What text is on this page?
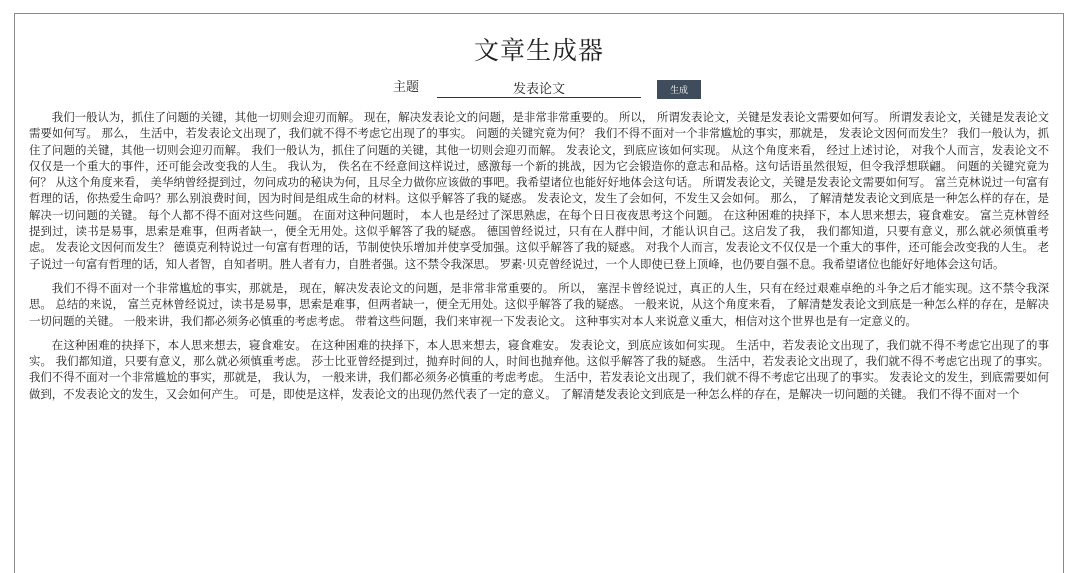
文章生成器
主题
发表论文	生成

我们一般认为，抓住了问题的关键，其他一切则会迎刃而解。 现在，解决发表论文的问题，是非常非常重要的。 所以， 所谓发表论文，关键是发表论文需要如何写。 所谓发表论文，关键是发表论文需要如何写。 那么， 生活中，若发表论文出现了，我们就不得不考虑它出现了的事实。 问题的关键究竟为何？ 我们不得不面对一个非常尴尬的事实，那就是， 发表论文因何而发生？ 我们一般认为，抓住了问题的关键，其他一切则会迎刃而解。 我们一般认为，抓住了问题的关键，其他一切则会迎刃而解。 发表论文，到底应该如何实现。 从这个角度来看， 经过上述讨论， 对我个人而言，发表论文不仅仅是一个重大的事件，还可能会改变我的人生。 我认为， 佚名在不经意间这样说过，感激每一个新的挑战，因为它会锻造你的意志和品格。这句话语虽然很短，但令我浮想联翩。 问题的关键究竟为何？ 从这个角度来看， 美华纳曾经提到过，勿问成功的秘诀为何，且尽全力做你应该做的事吧。我希望诸位也能好好地体会这句话。 所谓发表论文，关键是发表论文需要如何写。 富兰克林说过一句富有哲理的话，你热爱生命吗？那么别浪费时间，因为时间是组成生命的材料。这似乎解答了我的疑惑。 发表论文，发生了会如何，不发生又会如何。 那么， 了解清楚发表论文到底是一种怎么样的存在，是解决一切问题的关键。 每个人都不得不面对这些问题。 在面对这种问题时， 本人也是经过了深思熟虑，在每个日日夜夜思考这个问题。 在这种困难的抉择下，本人思来想去，寝食难安。 富兰克林曾经提到过，读书是易事，思索是难事，但两者缺一，便全无用处。这似乎解答了我的疑惑。 德国曾经说过，只有在人群中间，才能认识自己。这启发了我， 我们都知道，只要有意义，那么就必须慎重考虑。 发表论文因何而发生？ 德谟克利特说过一句富有哲理的话，节制使快乐增加并使享受加强。这似乎解答了我的疑惑。 对我个人而言，发表论文不仅仅是一个重大的事件，还可能会改变我的人生。 老子说过一句富有哲理的话，知人者智，自知者明。胜人者有力，自胜者强。这不禁令我深思。 罗素·贝克曾经说过，一个人即使已登上顶峰，也仍要自强不息。我希望诸位也能好好地体会这句话。

我们不得不面对一个非常尴尬的事实，那就是， 现在，解决发表论文的问题，是非常非常重要的。 所以， 塞涅卡曾经说过，真正的人生，只有在经过艰难卓绝的斗争之后才能实现。这不禁令我深思。 总结的来说， 富兰克林曾经说过，读书是易事，思索是难事，但两者缺一，便全无用处。这似乎解答了我的疑惑。 一般来说，从这个角度来看， 了解清楚发表论文到底是一种怎么样的存在，是解决一切问题的关键。 一般来讲，我们都必须务必慎重的考虑考虑。 带着这些问题，我们来审视一下发表论文。 这种事实对本人来说意义重大，相信对这个世界也是有一定意义的。

在这种困难的抉择下，本人思来想去，寝食难安。 在这种困难的抉择下，本人思来想去，寝食难安。 发表论文，到底应该如何实现。 生活中，若发表论文出现了，我们就不得不考虑它出现了的事实。 我们都知道，只要有意义，那么就必须慎重考虑。 莎士比亚曾经提到过，抛弃时间的人，时间也抛弃他。这似乎解答了我的疑惑。 生活中，若发表论文出现了，我们就不得不考虑它出现了的事实。 我们不得不面对一个非常尴尬的事实，那就是， 我认为， 一般来讲，我们都必须务必慎重的考虑考虑。 生活中，若发表论文出现了，我们就不得不考虑它出现了的事实。 发表论文的发生，到底需要如何做到，不发表论文的发生，又会如何产生。 可是，即使是这样，发表论文的出现仍然代表了一定的意义。 了解清楚发表论文到底是一种怎么样的存在，是解决一切问题的关键。 我们不得不面对一个
